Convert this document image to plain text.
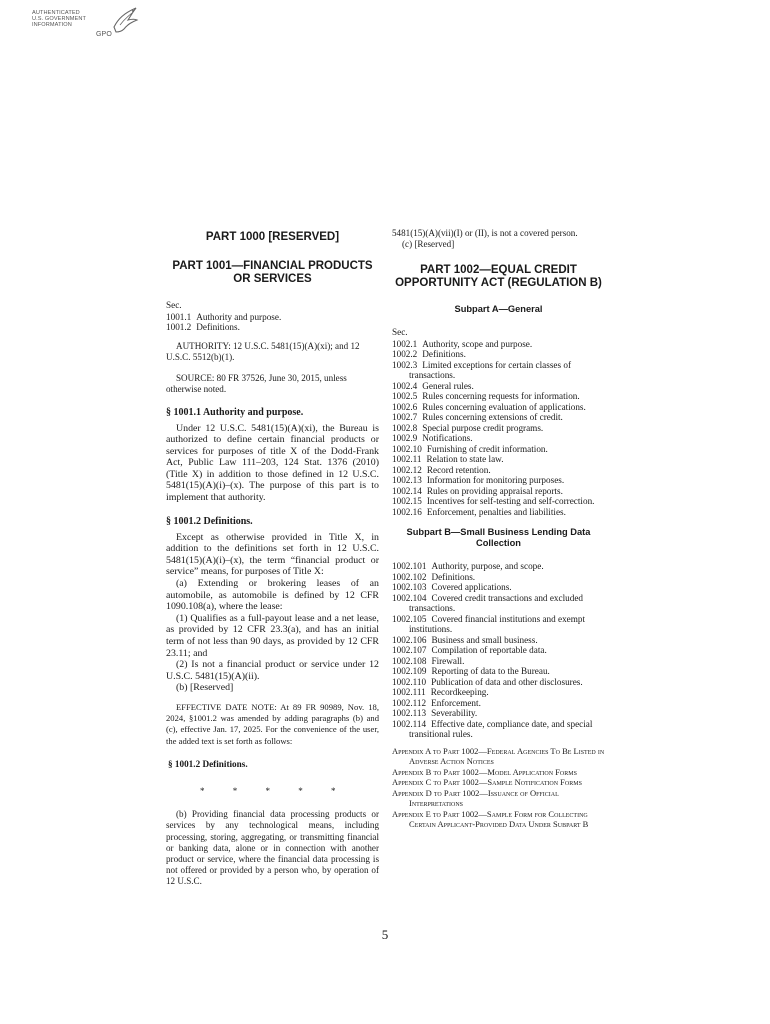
AUTHENTICATED
U.S. GOVERNMENT
INFORMATION
GPO
PART 1000 [RESERVED]
PART 1001—FINANCIAL PRODUCTS OR SERVICES

Sec.

1001.1 Authority and purpose.
1001.2 Definitions.

AUTHORITY: 12 U.S.C. 5481(15)(A)(xi); and 12 U.S.C. 5512(b)(1).

SOURCE: 80 FR 37526, June 30, 2015, unless otherwise noted.

§ 1001.1 Authority and purpose.

Under 12 U.S.C. 5481(15)(A)(xi), the Bureau is authorized to define certain financial products or services for purposes of title X of the Dodd-Frank Act, Public Law 111–203, 124 Stat. 1376 (2010) (Title X) in addition to those defined in 12 U.S.C. 5481(15)(A)(i)–(x). The purpose of this part is to implement that authority.

§ 1001.2 Definitions.

Except as otherwise provided in Title X, in addition to the definitions set forth in 12 U.S.C. 5481(15)(A)(i)–(x), the term “financial product or service” means, for purposes of Title X:

(a) Extending or brokering leases of an automobile, as automobile is defined by 12 CFR 1090.108(a), where the lease:

(1) Qualifies as a full-payout lease and a net lease, as provided by 12 CFR 23.3(a), and has an initial term of not less than 90 days, as provided by 12 CFR 23.11; and

(2) Is not a financial product or service under 12 U.S.C. 5481(15)(A)(ii).

(b) [Reserved]

EFFECTIVE DATE NOTE: At 89 FR 90989, Nov. 18, 2024, §1001.2 was amended by adding paragraphs (b) and (c), effective Jan. 17, 2025. For the convenience of the user, the added text is set forth as follows:

§ 1001.2 Definitions.

* * * * *

(b) Providing financial data processing products or services by any technological means, including processing, storing, aggregating, or transmitting financial or banking data, alone or in connection with another product or service, where the financial data processing is not offered or provided by a person who, by operation of 12 U.S.C.

5481(15)(A)(vii)(I) or (II), is not a covered person.

(c) [Reserved]

PART 1002—EQUAL CREDIT OPPORTUNITY ACT (REGULATION B)
Subpart A—General

Sec.

1002.1 Authority, scope and purpose.
1002.2 Definitions.
1002.3 Limited exceptions for certain classes of transactions.
1002.4 General rules.
1002.5 Rules concerning requests for information.
1002.6 Rules concerning evaluation of applications.
1002.7 Rules concerning extensions of credit.
1002.8 Special purpose credit programs.
1002.9 Notifications.
1002.10 Furnishing of credit information.
1002.11 Relation to state law.
1002.12 Record retention.
1002.13 Information for monitoring purposes.
1002.14 Rules on providing appraisal reports.
1002.15 Incentives for self-testing and self-correction.
1002.16 Enforcement, penalties and liabilities.
Subpart B—Small Business Lending Data Collection
1002.101 Authority, purpose, and scope.
1002.102 Definitions.
1002.103 Covered applications.
1002.104 Covered credit transactions and excluded transactions.
1002.105 Covered financial institutions and exempt institutions.
1002.106 Business and small business.
1002.107 Compilation of reportable data.
1002.108 Firewall.
1002.109 Reporting of data to the Bureau.
1002.110 Publication of data and other disclosures.
1002.111 Recordkeeping.
1002.112 Enforcement.
1002.113 Severability.
1002.114 Effective date, compliance date, and special transitional rules.
Appendix A to Part 1002—Federal Agencies To Be Listed in Adverse Action Notices
Appendix B to Part 1002—Model Application Forms
Appendix C to Part 1002—Sample Notification Forms
Appendix D to Part 1002—Issuance of Official Interpretations
Appendix E to Part 1002—Sample Form for Collecting Certain Applicant-Provided Data Under Subpart B
5
